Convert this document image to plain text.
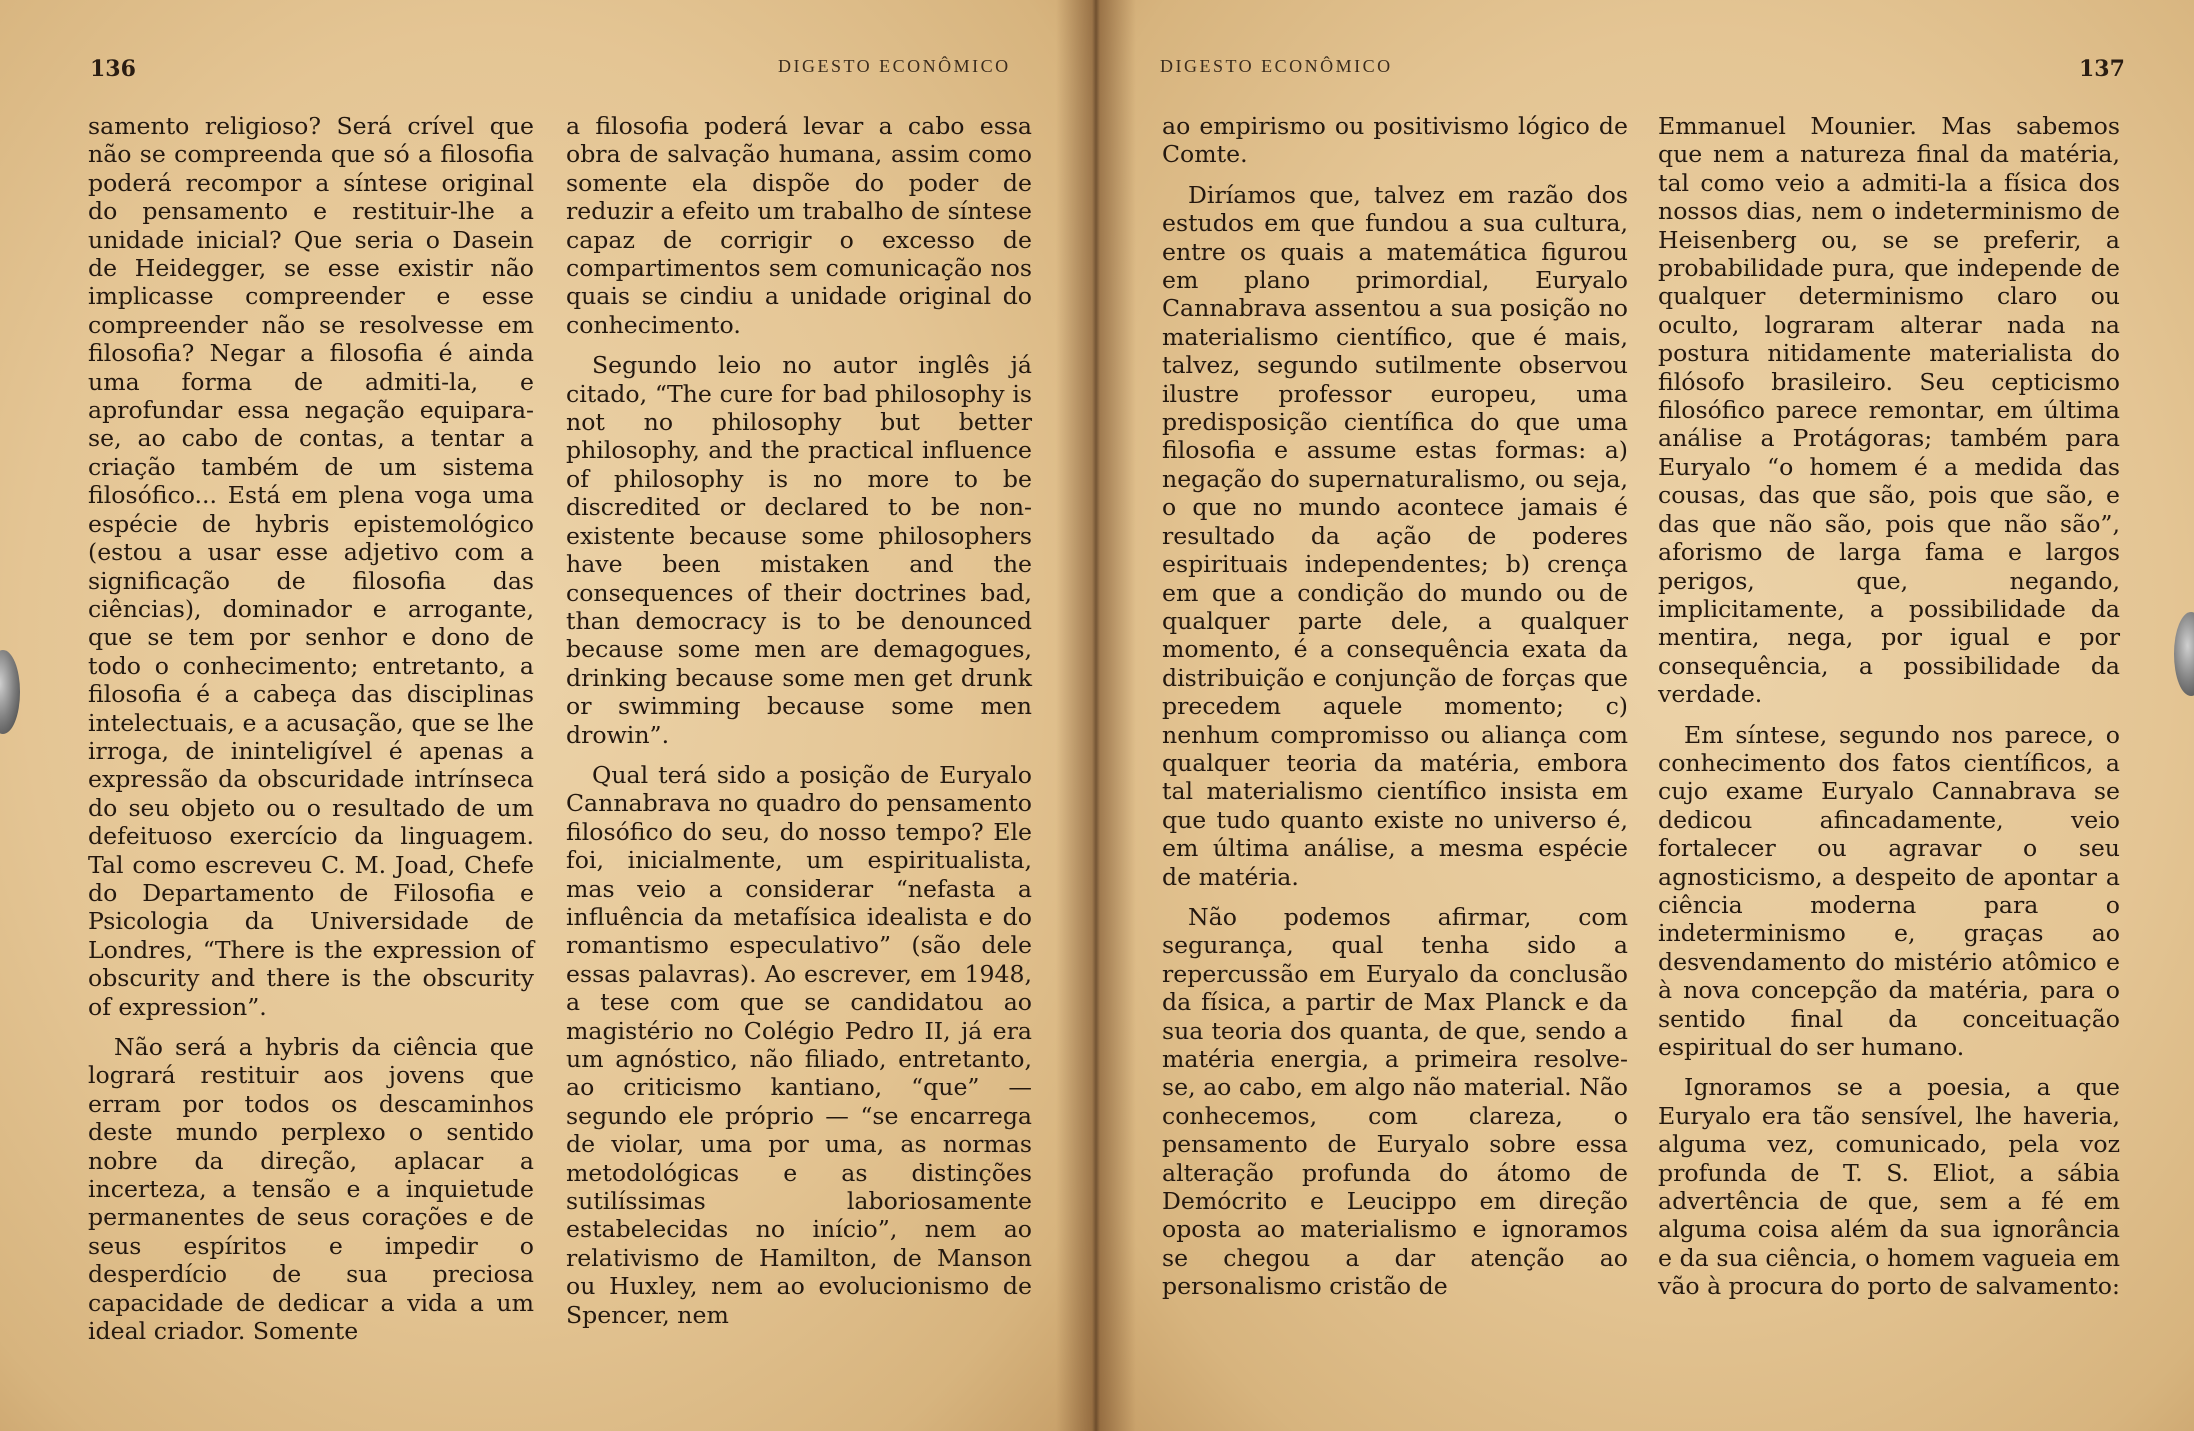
136	DIGESTO ECONÔMICO

samento religioso? Será crível que não se compreenda que só a filosofia poderá recompor a síntese original do pensamento e restituir-lhe a unidade inicial? Que seria o Dasein de Heidegger, se esse existir não implicasse compreender e esse compreender não se resolvesse em filosofia? Negar a filosofia é ainda uma forma de admiti-la, e aprofundar essa negação equipara-se, ao cabo de contas, a tentar a criação também de um sistema filosófico... Está em plena voga uma espécie de hybris epistemológico (estou a usar esse adjetivo com a significação de filosofia das ciências), dominador e arrogante, que se tem por senhor e dono de todo o conhecimento; entretanto, a filosofia é a cabeça das disciplinas intelectuais, e a acusação, que se lhe irroga, de ininteligível é apenas a expressão da obscuridade intrínseca do seu objeto ou o resultado de um defeituoso exercício da linguagem. Tal como escreveu C. M. Joad, Chefe do Departamento de Filosofia e Psicologia da Universidade de Londres, “There is the expression of obscurity and there is the obscurity of expression”.

Não será a hybris da ciência que logrará restituir aos jovens que erram por todos os descaminhos deste mundo perplexo o sentido nobre da direção, aplacar a incerteza, a tensão e a inquietude permanentes de seus corações e de seus espíritos e impedir o desperdício de sua preciosa capacidade de dedicar a vida a um ideal criador. Somente

a filosofia poderá levar a cabo essa obra de salvação humana, assim como somente ela dispõe do poder de reduzir a efeito um trabalho de síntese capaz de corrigir o excesso de compartimentos sem comunicação nos quais se cindiu a unidade original do conhecimento.

Segundo leio no autor inglês já citado, “The cure for bad philosophy is not no philosophy but better philosophy, and the practical influence of philosophy is no more to be discredited or declared to be non-existente because some philosophers have been mistaken and the consequences of their doctrines bad, than democracy is to be denounced because some men are demagogues, drinking because some men get drunk or swimming because some men drowin”.

Qual terá sido a posição de Euryalo Cannabrava no quadro do pensamento filosófico do seu, do nosso tempo? Ele foi, inicialmente, um espiritualista, mas veio a considerar “nefasta a influência da metafísica idealista e do romantismo especulativo” (são dele essas palavras). Ao escrever, em 1948, a tese com que se candidatou ao magistério no Colégio Pedro II, já era um agnóstico, não filiado, entretanto, ao criticismo kantiano, “que” — segundo ele próprio — “se encarrega de violar, uma por uma, as normas metodológicas e as distinções sutilíssimas laboriosamente estabelecidas no início”, nem ao relativismo de Hamilton, de Manson ou Huxley, nem ao evolucionismo de Spencer, nem

DIGESTO ECONÔMICO	137

ao empirismo ou positivismo lógico de Comte.

Diríamos que, talvez em razão dos estudos em que fundou a sua cultura, entre os quais a matemática figurou em plano primordial, Euryalo Cannabrava assentou a sua posição no materialismo científico, que é mais, talvez, segundo sutilmente observou ilustre professor europeu, uma predisposição científica do que uma filosofia e assume estas formas: a) negação do supernaturalismo, ou seja, o que no mundo acontece jamais é resultado da ação de poderes espirituais independentes; b) crença em que a condição do mundo ou de qualquer parte dele, a qualquer momento, é a consequência exata da distribuição e conjunção de forças que precedem aquele momento; c) nenhum compromisso ou aliança com qualquer teoria da matéria, embora tal materialismo científico insista em que tudo quanto existe no universo é, em última análise, a mesma espécie de matéria.

Não podemos afirmar, com segurança, qual tenha sido a repercussão em Euryalo da conclusão da física, a partir de Max Planck e da sua teoria dos quanta, de que, sendo a matéria energia, a primeira resolve-se, ao cabo, em algo não material. Não conhecemos, com clareza, o pensamento de Euryalo sobre essa alteração profunda do átomo de Demócrito e Leucippo em direção oposta ao materialismo e ignoramos se chegou a dar atenção ao personalismo cristão de

Emmanuel Mounier. Mas sabemos que nem a natureza final da matéria, tal como veio a admiti-la a física dos nossos dias, nem o indeterminismo de Heisenberg ou, se se preferir, a probabilidade pura, que independe de qualquer determinismo claro ou oculto, lograram alterar nada na postura nitidamente materialista do filósofo brasileiro. Seu cepticismo filosófico parece remontar, em última análise a Protágoras; também para Euryalo “o homem é a medida das cousas, das que são, pois que são, e das que não são, pois que não são”, aforismo de larga fama e largos perigos, que, negando, implicitamente, a possibilidade da mentira, nega, por igual e por consequência, a possibilidade da verdade.

Em síntese, segundo nos parece, o conhecimento dos fatos científicos, a cujo exame Euryalo Cannabrava se dedicou afincadamente, veio fortalecer ou agravar o seu agnosticismo, a despeito de apontar a ciência moderna para o indeterminismo e, graças ao desvendamento do mistério atômico e à nova concepção da matéria, para o sentido final da conceituação espiritual do ser humano.

Ignoramos se a poesia, a que Euryalo era tão sensível, lhe haveria, alguma vez, comunicado, pela voz profunda de T. S. Eliot, a sábia advertência de que, sem a fé em alguma coisa além da sua ignorância e da sua ciência, o homem vagueia em vão à procura do porto de salvamento:
